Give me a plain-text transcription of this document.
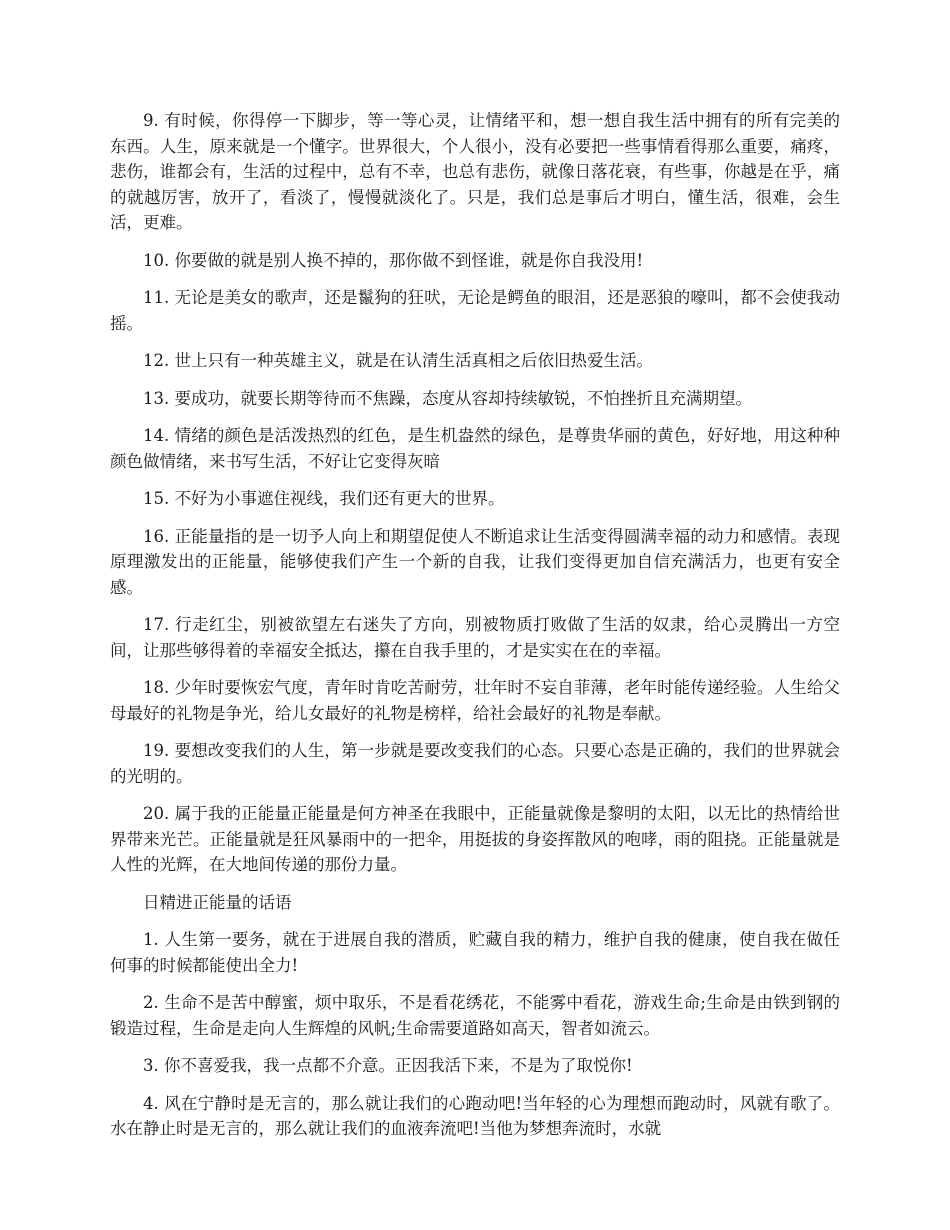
9. 有时候，你得停一下脚步，等一等心灵，让情绪平和，想一想自我生活中拥有的所有完美的东西。人生，原来就是一个懂字。世界很大，个人很小，没有必要把一些事情看得那么重要，痛疼，悲伤，谁都会有，生活的过程中，总有不幸，也总有悲伤，就像日落花衰，有些事，你越是在乎，痛的就越厉害，放开了，看淡了，慢慢就淡化了。只是，我们总是事后才明白，懂生活，很难，会生活，更难。

10. 你要做的就是别人换不掉的，那你做不到怪谁，就是你自我没用!

11. 无论是美女的歌声，还是鬣狗的狂吠，无论是鳄鱼的眼泪，还是恶狼的嚎叫，都不会使我动摇。

12. 世上只有一种英雄主义，就是在认清生活真相之后依旧热爱生活。

13. 要成功，就要长期等待而不焦躁，态度从容却持续敏锐，不怕挫折且充满期望。

14. 情绪的颜色是活泼热烈的红色，是生机盎然的绿色，是尊贵华丽的黄色，好好地，用这种种颜色做情绪，来书写生活，不好让它变得灰暗

15. 不好为小事遮住视线，我们还有更大的世界。

16. 正能量指的是一切予人向上和期望促使人不断追求让生活变得圆满幸福的动力和感情。表现原理激发出的正能量，能够使我们产生一个新的自我，让我们变得更加自信充满活力，也更有安全感。

17. 行走红尘，别被欲望左右迷失了方向，别被物质打败做了生活的奴隶，给心灵腾出一方空间，让那些够得着的幸福安全抵达，攥在自我手里的，才是实实在在的幸福。

18. 少年时要恢宏气度，青年时肯吃苦耐劳，壮年时不妄自菲薄，老年时能传递经验。人生给父母最好的礼物是争光，给儿女最好的礼物是榜样，给社会最好的礼物是奉献。

19. 要想改变我们的人生，第一步就是要改变我们的心态。只要心态是正确的，我们的世界就会的光明的。

20. 属于我的正能量正能量是何方神圣在我眼中，正能量就像是黎明的太阳，以无比的热情给世界带来光芒。正能量就是狂风暴雨中的一把伞，用挺拔的身姿挥散风的咆哮，雨的阻挠。正能量就是人性的光辉，在大地间传递的那份力量。

日精进正能量的话语

1. 人生第一要务，就在于进展自我的潜质，贮藏自我的精力，维护自我的健康，使自我在做任何事的时候都能使出全力!

2. 生命不是苦中醇蜜，烦中取乐，不是看花绣花，不能雾中看花，游戏生命;生命是由铁到钢的锻造过程，生命是走向人生辉煌的风帆;生命需要道路如高天，智者如流云。

3. 你不喜爱我，我一点都不介意。正因我活下来，不是为了取悦你!

4. 风在宁静时是无言的，那么就让我们的心跑动吧!当年轻的心为理想而跑动时，风就有歌了。水在静止时是无言的，那么就让我们的血液奔流吧!当他为梦想奔流时，水就
